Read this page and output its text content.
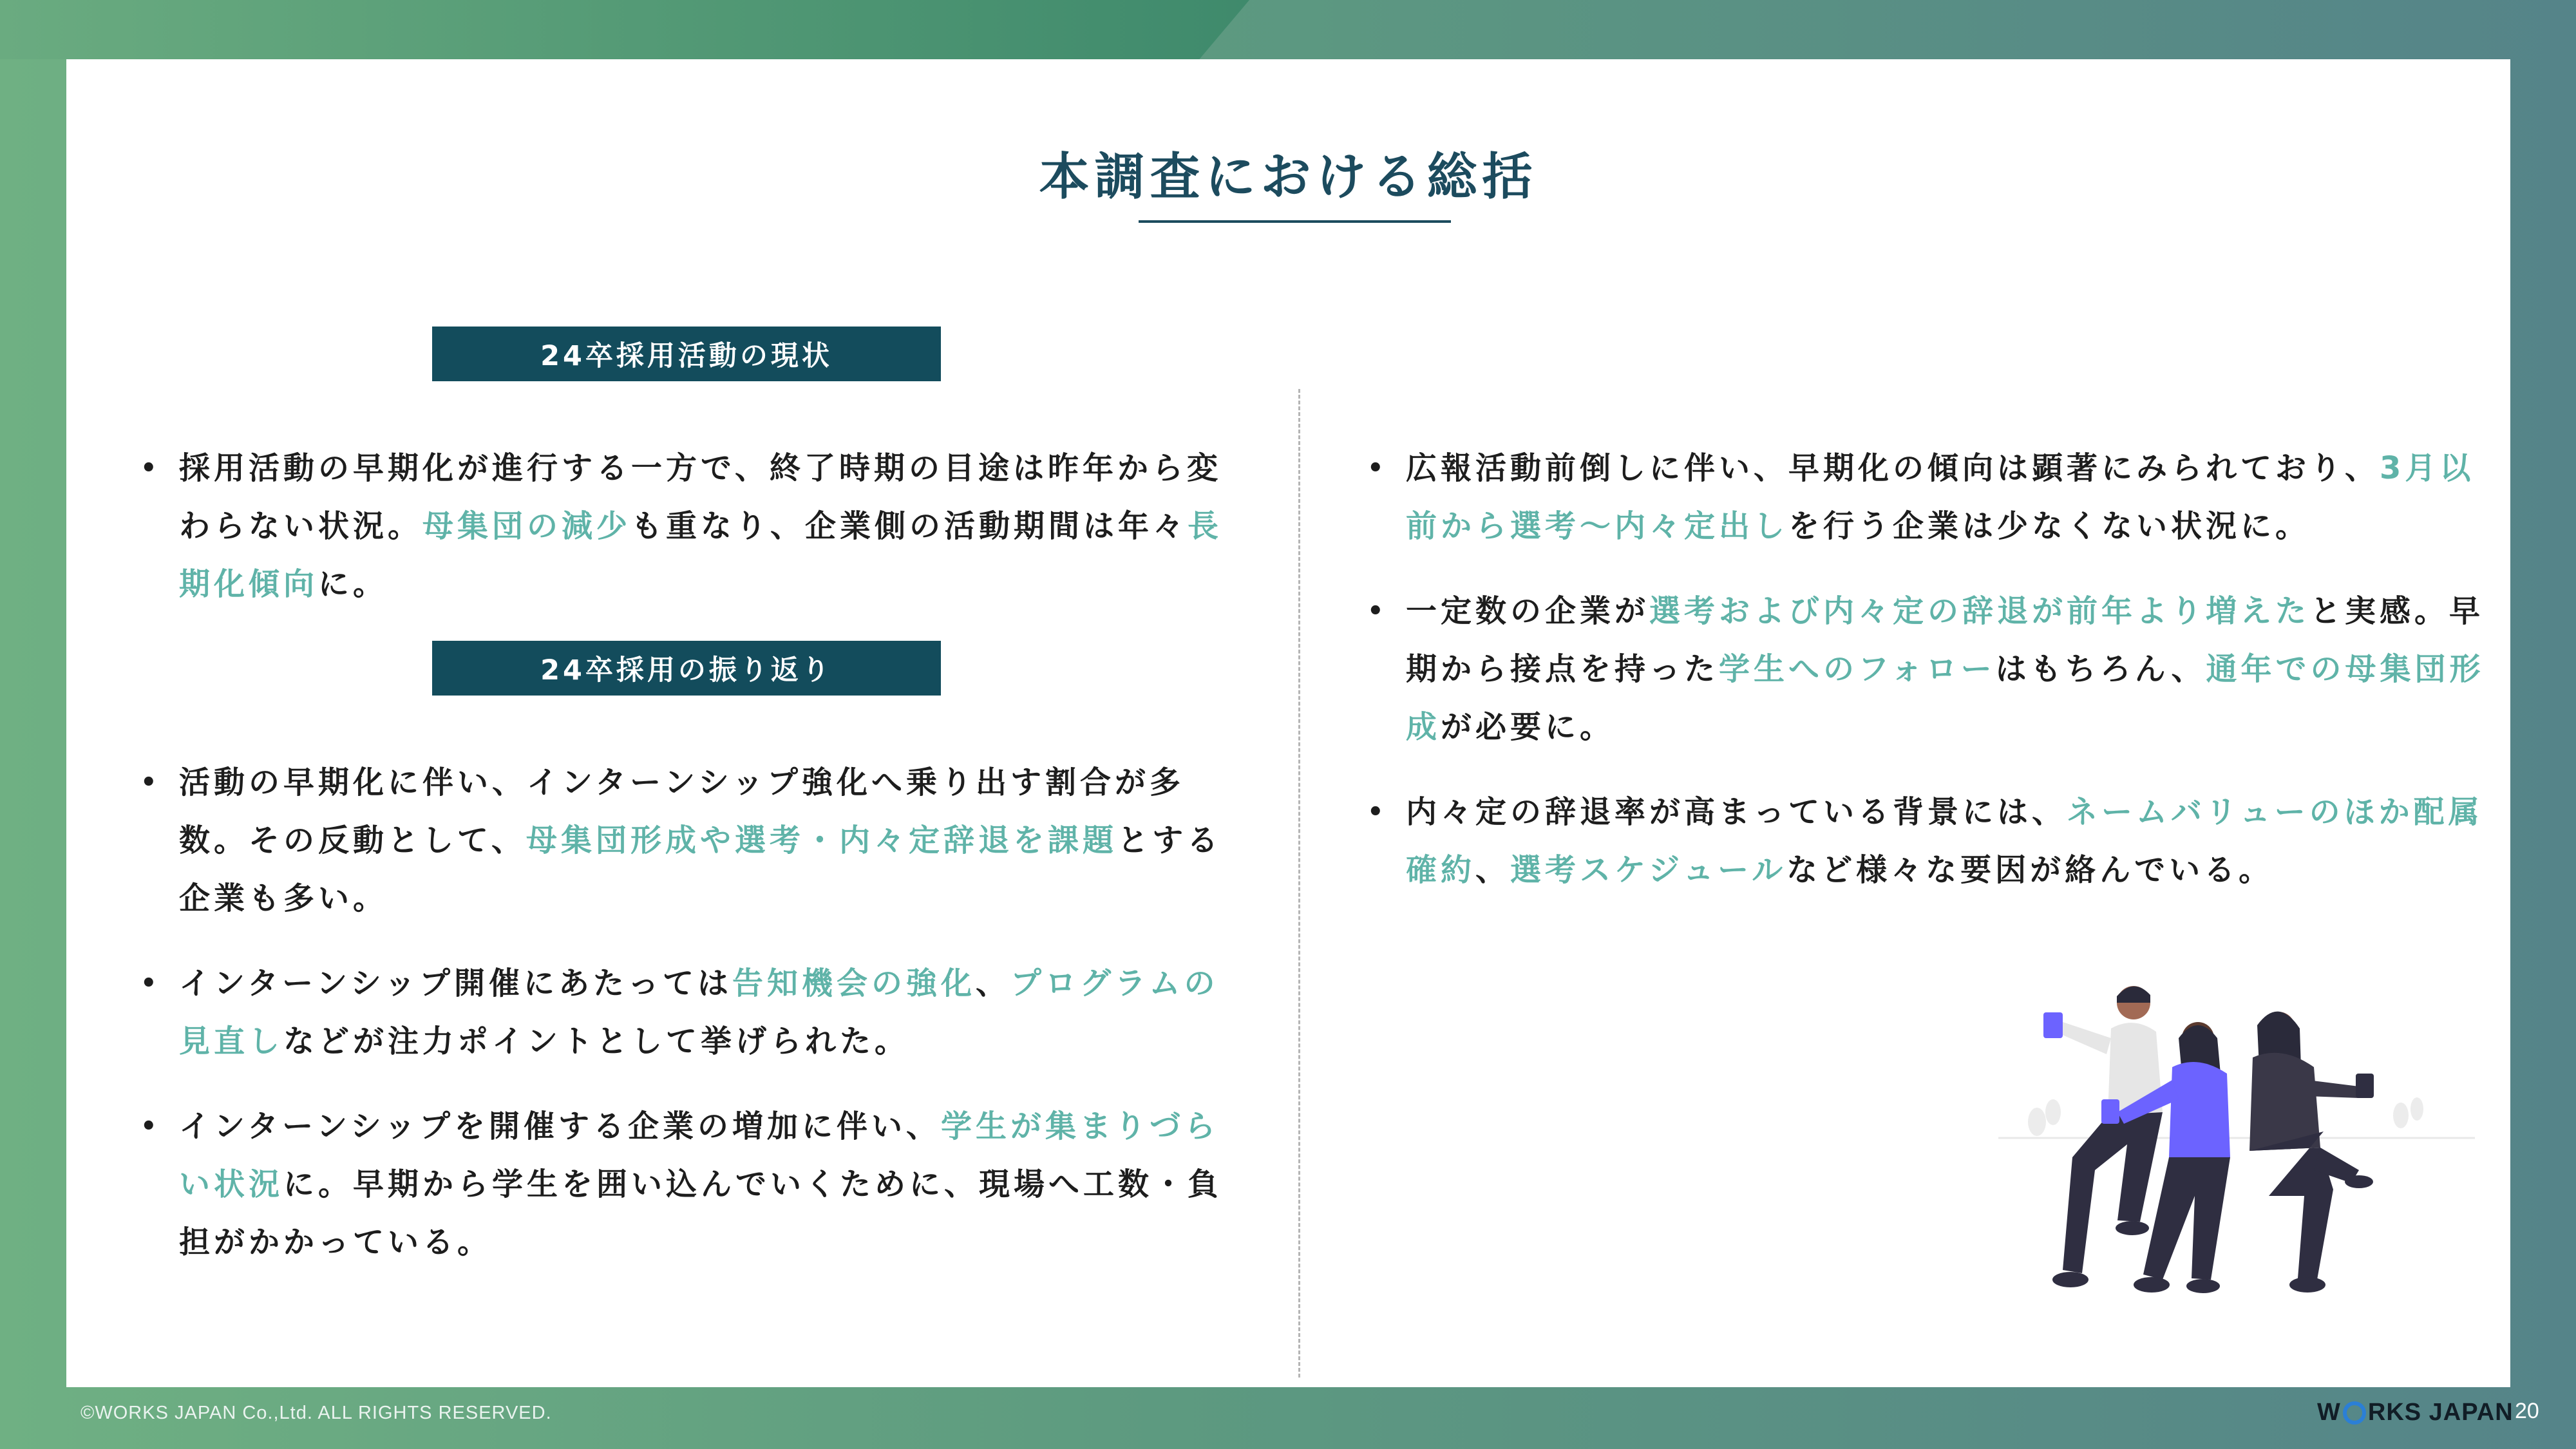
本調査における総括
24卒採用活動の現状
• 採用活動の早期化が進行する一方で、終了時期の目途は昨年から変わらない状況。母集団の減少も重なり、企業側の活動期間は年々長期化傾向に。
24卒採用の振り返り
• 活動の早期化に伴い、インターンシップ強化へ乗り出す割合が多数。その反動として、母集団形成や選考・内々定辞退を課題とする企業も多い。
• インターンシップ開催にあたっては告知機会の強化、プログラムの見直しなどが注力ポイントとして挙げられた。
• インターンシップを開催する企業の増加に伴い、学生が集まりづらい状況に。早期から学生を囲い込んでいくために、現場へ工数・負担がかかっている。
• 広報活動前倒しに伴い、早期化の傾向は顕著にみられており、3月以前から選考～内々定出しを行う企業は少なくない状況に。
• 一定数の企業が選考および内々定の辞退が前年より増えたと実感。早期から接点を持った学生へのフォローはもちろん、通年での母集団形成が必要に。
• 内々定の辞退率が高まっている背景には、ネームバリューのほか配属確約、選考スケジュールなど様々な要因が絡んでいる。
©WORKS JAPAN Co.,Ltd. ALL RIGHTS RESERVED.	W RKS JAPAN 20
